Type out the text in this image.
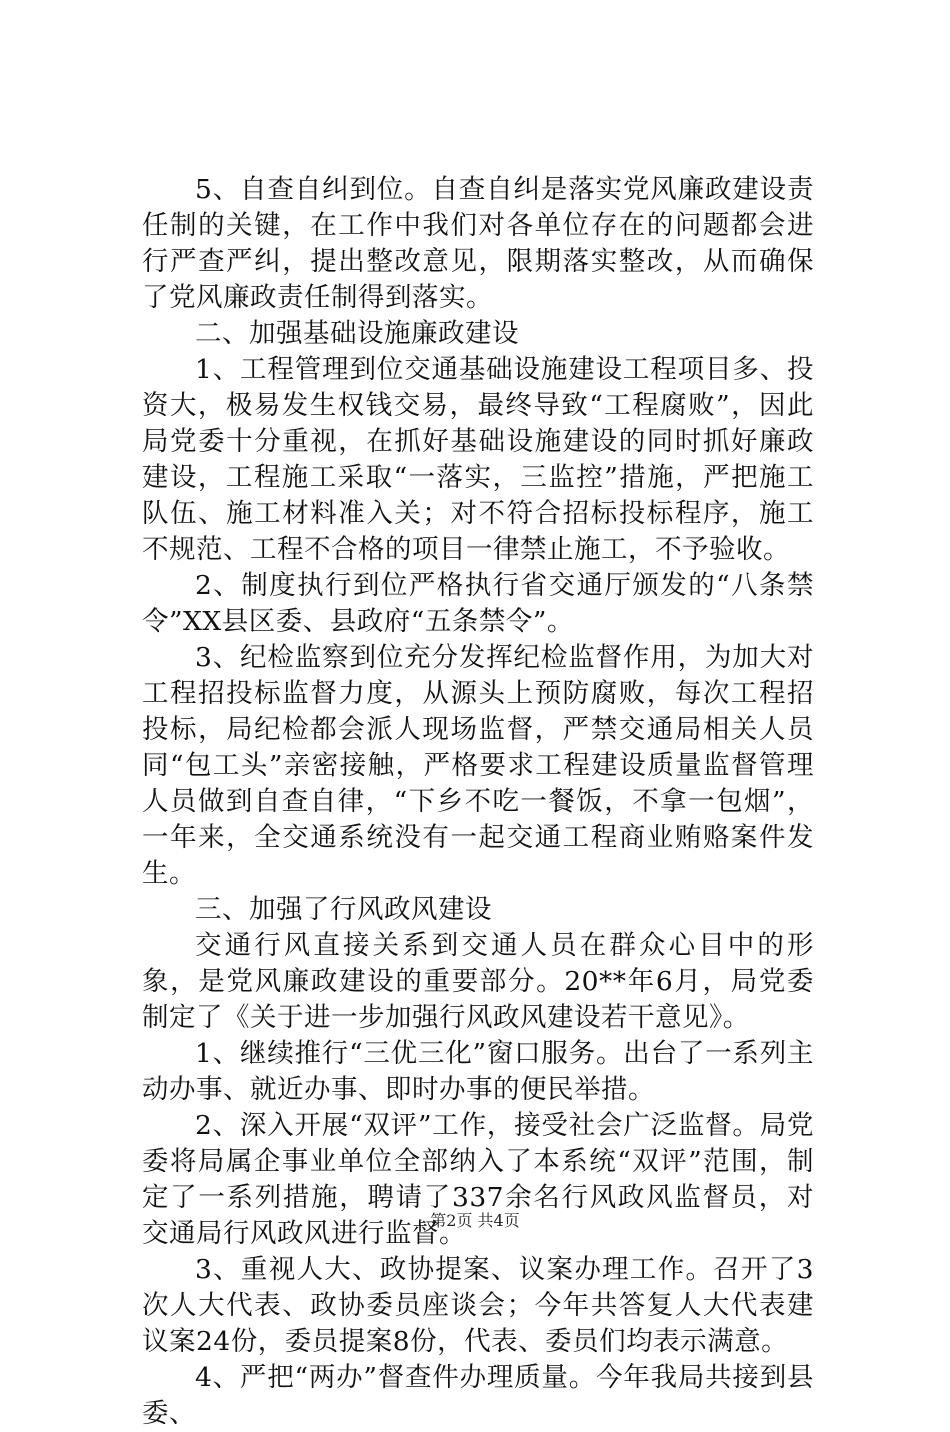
5、自查自纠到位。自查自纠是落实党风廉政建设责任制的关键，在工作中我们对各单位存在的问题都会进行严查严纠，提出整改意见，限期落实整改，从而确保了党风廉政责任制得到落实。

二、加强基础设施廉政建设

1、工程管理到位交通基础设施建设工程项目多、投资大，极易发生权钱交易，最终导致“工程腐败”，因此局党委十分重视，在抓好基础设施建设的同时抓好廉政建设，工程施工采取“一落实，三监控”措施，严把施工队伍、施工材料准入关；对不符合招标投标程序，施工不规范、工程不合格的项目一律禁止施工，不予验收。

2、制度执行到位严格执行省交通厅颁发的“八条禁令”XX县区委、县政府“五条禁令”。

3、纪检监察到位充分发挥纪检监督作用，为加大对工程招投标监督力度，从源头上预防腐败，每次工程招投标，局纪检都会派人现场监督，严禁交通局相关人员同“包工头”亲密接触，严格要求工程建设质量监督管理人员做到自查自律，“下乡不吃一餐饭，不拿一包烟”，一年来，全交通系统没有一起交通工程商业贿赂案件发生。

三、加强了行风政风建设

交通行风直接关系到交通人员在群众心目中的形象，是党风廉政建设的重要部分。20**年6月，局党委制定了《关于进一步加强行风政风建设若干意见》。

1、继续推行“三优三化”窗口服务。出台了一系列主动办事、就近办事、即时办事的便民举措。

2、深入开展“双评”工作，接受社会广泛监督。局党委将局属企事业单位全部纳入了本系统“双评”范围，制定了一系列措施，聘请了337余名行风政风监督员，对交通局行风政风进行监督。

3、重视人大、政协提案、议案办理工作。召开了3次人大代表、政协委员座谈会；今年共答复人大代表建议案24份，委员提案8份，代表、委员们均表示满意。

4、严把“两办”督查件办理质量。今年我局共接到县委、

第2页 共4页
